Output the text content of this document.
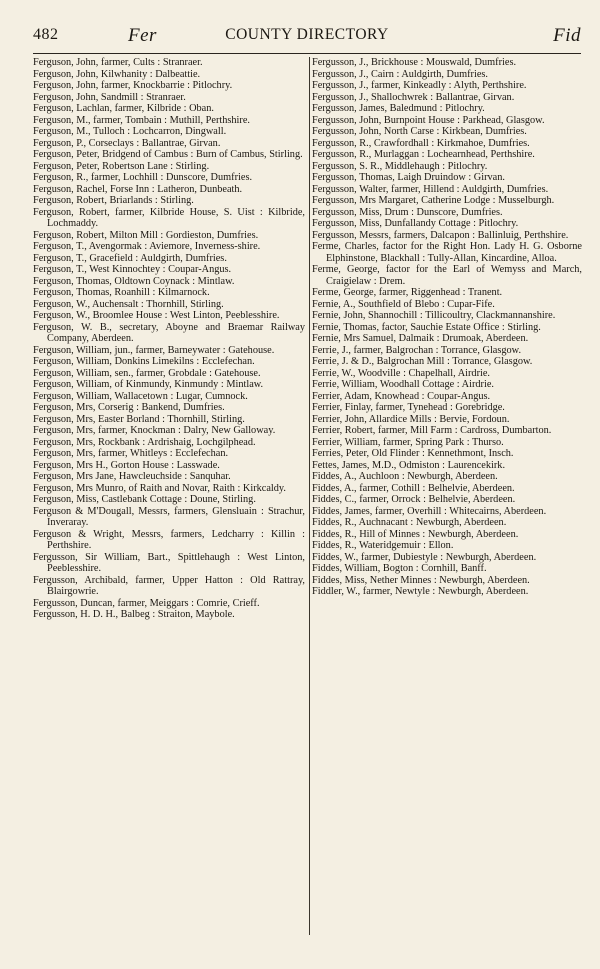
482	Fer	COUNTY DIRECTORY	Fid

Ferguson, John, farmer, Cults : Stranraer.

Ferguson, John, Kilwhanity : Dalbeattie.

Ferguson, John, farmer, Knockbarrie : Pitlochry.

Ferguson, John, Sandmill : Stranraer.

Ferguson, Lachlan, farmer, Kilbride : Oban.

Ferguson, M., farmer, Tombain : Muthill, Perthshire.

Ferguson, M., Tulloch : Lochcarron, Dingwall.

Ferguson, P., Corseclays : Ballantrae, Girvan.

Ferguson, Peter, Bridgend of Cambus : Burn of Cambus, Stirling.

Ferguson, Peter, Robertson Lane : Stirling.

Ferguson, R., farmer, Lochhill : Dunscore, Dumfries.

Ferguson, Rachel, Forse Inn : Latheron, Dunbeath.

Ferguson, Robert, Briarlands : Stirling.

Ferguson, Robert, farmer, Kilbride House, S. Uist : Kilbride, Lochmaddy.

Ferguson, Robert, Milton Mill : Gordieston, Dumfries.

Ferguson, T., Avengormak : Aviemore, Inverness-shire.

Ferguson, T., Gracefield : Auldgirth, Dumfries.

Ferguson, T., West Kinnochtey : Coupar-Angus.

Ferguson, Thomas, Oldtown Coynack : Mintlaw.

Ferguson, Thomas, Roanhill : Kilmarnock.

Ferguson, W., Auchensalt : Thornhill, Stirling.

Ferguson, W., Broomlee House : West Linton, Peeblesshire.

Ferguson, W. B., secretary, Aboyne and Braemar Railway Company, Aberdeen.

Ferguson, William, jun., farmer, Barneywater : Gatehouse.

Ferguson, William, Donkins Limekilns : Ecclefechan.

Ferguson, William, sen., farmer, Grobdale : Gatehouse.

Ferguson, William, of Kinmundy, Kinmundy : Mintlaw.

Ferguson, William, Wallacetown : Lugar, Cumnock.

Ferguson, Mrs, Corserig : Bankend, Dumfries.

Ferguson, Mrs, Easter Borland : Thornhill, Stirling.

Ferguson, Mrs, farmer, Knockman : Dalry, New Galloway.

Ferguson, Mrs, Rockbank : Ardrishaig, Lochgilphead.

Ferguson, Mrs, farmer, Whitleys : Ecclefechan.

Ferguson, Mrs H., Gorton House : Lasswade.

Ferguson, Mrs Jane, Hawcleuchside : Sanquhar.

Ferguson, Mrs Munro, of Raith and Novar, Raith : Kirkcaldy.

Ferguson, Miss, Castlebank Cottage : Doune, Stirling.

Ferguson & M'Dougall, Messrs, farmers, Glensluain : Strachur, Inveraray.

Ferguson & Wright, Messrs, farmers, Ledcharry : Killin : Perthshire.

Fergusson, Sir William, Bart., Spittlehaugh : West Linton, Peeblesshire.

Fergusson, Archibald, farmer, Upper Hatton : Old Rattray, Blairgowrie.

Fergusson, Duncan, farmer, Meiggars : Comrie, Crieff.

Fergusson, H. D. H., Balbeg : Straiton, Maybole.

Fergusson, J., Brickhouse : Mouswald, Dumfries.

Fergusson, J., Cairn : Auldgirth, Dumfries.

Fergusson, J., farmer, Kinkeadly : Alyth, Perthshire.

Fergusson, J., Shallochwrek : Ballantrae, Girvan.

Fergusson, James, Baledmund : Pitlochry.

Fergusson, John, Burnpoint House : Parkhead, Glasgow.

Fergusson, John, North Carse : Kirkbean, Dumfries.

Fergusson, R., Crawfordhall : Kirkmahoe, Dumfries.

Fergusson, R., Murlaggan : Lochearnhead, Perthshire.

Fergusson, S. R., Middlehaugh : Pitlochry.

Fergusson, Thomas, Laigh Druindow : Girvan.

Fergusson, Walter, farmer, Hillend : Auldgirth, Dumfries.

Fergusson, Mrs Margaret, Catherine Lodge : Musselburgh.

Fergusson, Miss, Drum : Dunscore, Dumfries.

Fergusson, Miss, Dunfallandy Cottage : Pitlochry.

Fergusson, Messrs, farmers, Dalcapon : Ballinluig, Perthshire.

Ferme, Charles, factor for the Right Hon. Lady H. G. Osborne Elphinstone, Blackhall : Tully-Allan, Kincardine, Alloa.

Ferme, George, factor for the Earl of Wemyss and March, Craigielaw : Drem.

Ferme, George, farmer, Riggenhead : Tranent.

Fernie, A., Southfield of Blebo : Cupar-Fife.

Fernie, John, Shannochill : Tillicoultry, Clackmannanshire.

Fernie, Thomas, factor, Sauchie Estate Office : Stirling.

Fernie, Mrs Samuel, Dalmaik : Drumoak, Aberdeen.

Ferrie, J., farmer, Balgrochan : Torrance, Glasgow.

Ferrie, J. & D., Balgrochan Mill : Torrance, Glasgow.

Ferrie, W., Woodville : Chapelhall, Airdrie.

Ferrie, William, Woodhall Cottage : Airdrie.

Ferrier, Adam, Knowhead : Coupar-Angus.

Ferrier, Finlay, farmer, Tynehead : Gorebridge.

Ferrier, John, Allardice Mills : Bervie, Fordoun.

Ferrier, Robert, farmer, Mill Farm : Cardross, Dumbarton.

Ferrier, William, farmer, Spring Park : Thurso.

Ferries, Peter, Old Flinder : Kennethmont, Insch.

Fettes, James, M.D., Odmiston : Laurencekirk.

Fiddes, A., Auchloon : Newburgh, Aberdeen.

Fiddes, A., farmer, Cothill : Belhelvie, Aberdeen.

Fiddes, C., farmer, Orrock : Belhelvie, Aberdeen.

Fiddes, James, farmer, Overhill : Whitecairns, Aberdeen.

Fiddes, R., Auchnacant : Newburgh, Aberdeen.

Fiddes, R., Hill of Minnes : Newburgh, Aberdeen.

Fiddes, R., Wateridgemuir : Ellon.

Fiddes, W., farmer, Dubiestyle : Newburgh, Aberdeen.

Fiddes, William, Bogton : Cornhill, Banff.

Fiddes, Miss, Nether Minnes : Newburgh, Aberdeen.

Fiddler, W., farmer, Newtyle : Newburgh, Aberdeen.
